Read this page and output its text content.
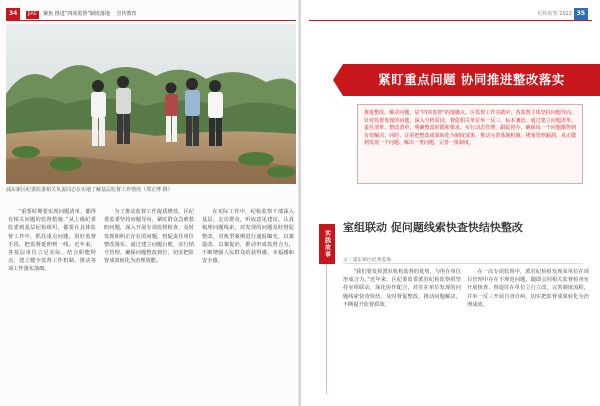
34 JIAS 聚焦 推进“四项监督”制度落地 　宣传教育
浦东新区纪委监委相关负责同志在实地了解基层监督工作情况（郑正博 摄）

“重要时期要实现问题清单，都得有相关问题的监督措施。”从上级纪委监委到基层纪检组织，都要在具体监督工作中，抓住重点问题，用好监督手段，把监督延伸到一线。近年来，各基层单位立足实际，结合职能特点，建立健全监督工作机制，推动各项工作落实落细。

为了推动监督工作提质增效，区纪委监委坚持问题导向，紧盯群众急难愁盼问题，深入开展专项监督检查，及时发现和纠正存在的问题，督促责任单位整改落实。通过建立问题台账，实行销号管理，确保问题整改到位，切实把监督成效转化为治理效能。

在实际工作中，纪检监察干部深入基层、走访群众，听取意见建议，认真梳理问题线索，对发现的问题及时督促整改，对典型案例进行通报曝光，以案促改、以案促治，推动形成监督合力，不断增强人民群众的获得感、幸福感和安全感。

纪检监察 2022 35
紧盯重点问题 协同推进整改落实
推进整改、解决问题，是“四项监督”的落脚点。区监督工作实践中，各监督主体坚持问题导向，针对监督发现的问题，深入分析原因，督促相关单位举一反三、标本兼治。通过建立问题清单、责任清单、整改清单，明确整改时限和要求，实行动态管理，跟踪督办，确保每一个问题都得到有效解决。同时，注重把整改成果转化为制度成果，推动完善体制机制，堵塞管理漏洞，真正做到发现一个问题、解决一类问题、完善一批制度。
实践故事
室组联动 促问题线索快查快结快整改
文｜浦东新区纪委监委

“我们要发挥派驻机构监督的优势，与所在单位形成合力。”近年来，区纪委监委派驻纪检监察组坚持室组联动，深化协作配合，对驻在单位发现的问题线索快查快结，及时督促整改，推动问题解决，不断提升监督质效。

在一次专项监督中，派驻纪检组发现某单位在项目管理中存在不规范问题，随即会同相关监督检查室开展核查，督促驻在单位立行立改，完善制度流程，并举一反三开展自查自纠，切实把监督成果转化为治理成效。
